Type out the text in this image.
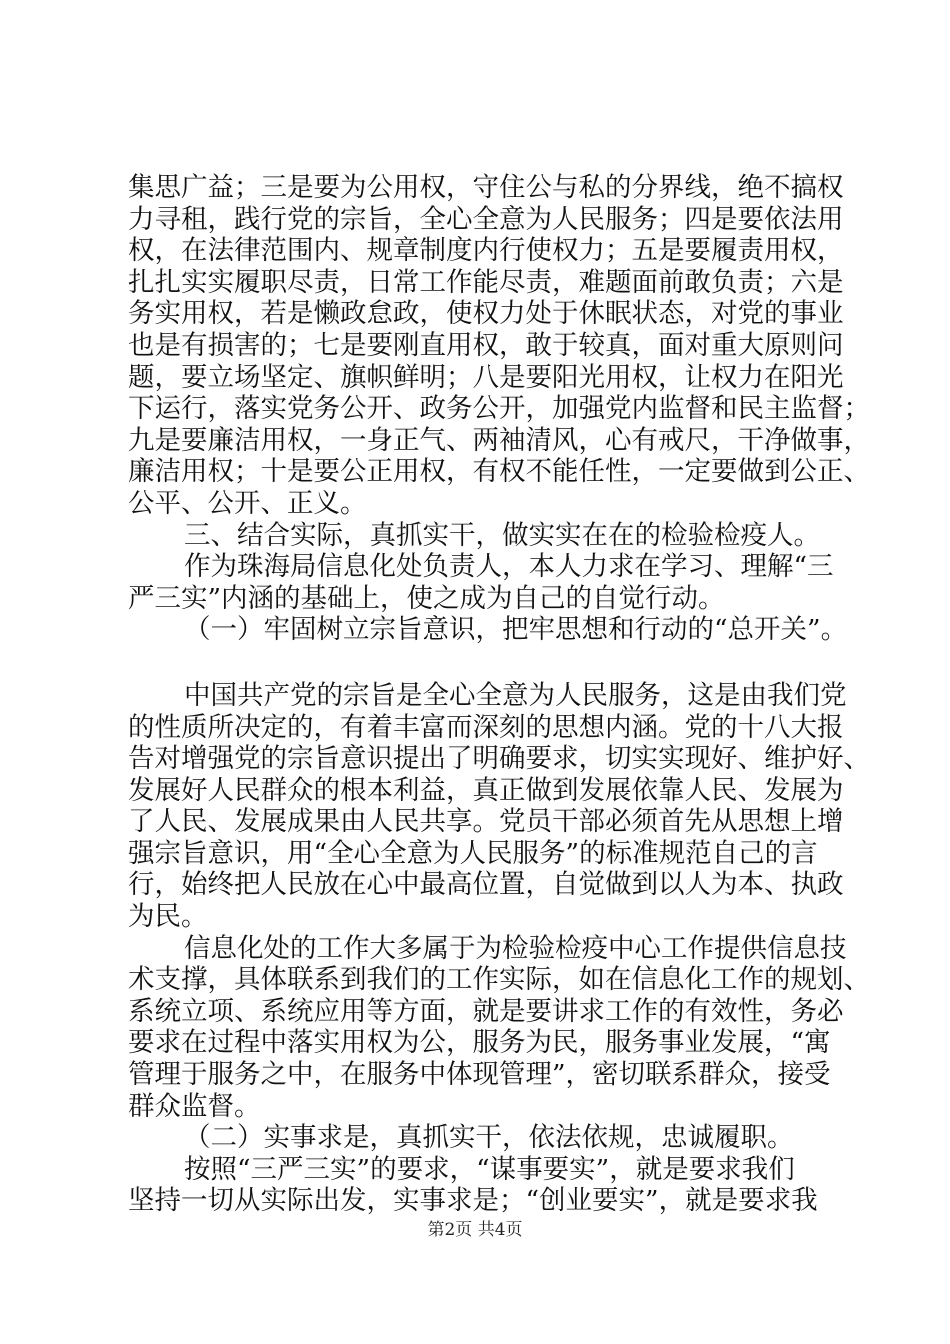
集思广益；三是要为公用权，守住公与私的分界线，绝不搞权
力寻租，践行党的宗旨，全心全意为人民服务；四是要依法用
权，在法律范围内、规章制度内行使权力；五是要履责用权，
扎扎实实履职尽责，日常工作能尽责，难题面前敢负责；六是
务实用权，若是懒政怠政，使权力处于休眠状态，对党的事业
也是有损害的；七是要刚直用权，敢于较真，面对重大原则问
题，要立场坚定、旗帜鲜明；八是要阳光用权，让权力在阳光
下运行，落实党务公开、政务公开，加强党内监督和民主监督；
九是要廉洁用权，一身正气、两袖清风，心有戒尺，干净做事，
廉洁用权；十是要公正用权，有权不能任性，一定要做到公正、
公平、公开、正义。
三、结合实际，真抓实干，做实实在在的检验检疫人。
作为珠海局信息化处负责人，本人力求在学习、理解“三
严三实”内涵的基础上，使之成为自己的自觉行动。
（一）牢固树立宗旨意识，把牢思想和行动的“总开关”。
中国共产党的宗旨是全心全意为人民服务，这是由我们党
的性质所决定的，有着丰富而深刻的思想内涵。党的十八大报
告对增强党的宗旨意识提出了明确要求，切实实现好、维护好、
发展好人民群众的根本利益，真正做到发展依靠人民、发展为
了人民、发展成果由人民共享。党员干部必须首先从思想上增
强宗旨意识，用“全心全意为人民服务”的标准规范自己的言
行，始终把人民放在心中最高位置，自觉做到以人为本、执政
为民。
信息化处的工作大多属于为检验检疫中心工作提供信息技
术支撑，具体联系到我们的工作实际，如在信息化工作的规划、
系统立项、系统应用等方面，就是要讲求工作的有效性，务必
要求在过程中落实用权为公，服务为民，服务事业发展，“寓
管理于服务之中，在服务中体现管理”，密切联系群众，接受
群众监督。
（二）实事求是，真抓实干，依法依规，忠诚履职。
按照“三严三实”的要求，“谋事要实”，就是要求我们
坚持一切从实际出发，实事求是；“创业要实”，就是要求我
第2页 共4页
